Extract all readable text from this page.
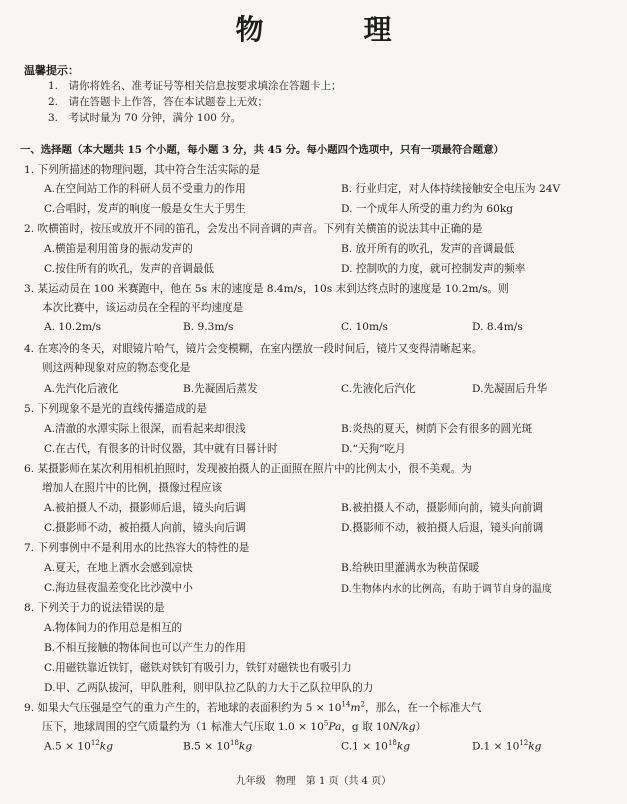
物　理
温馨提示：
1.　请你将姓名、准考证号等相关信息按要求填涂在答题卡上；
2.　请在答题卡上作答，答在本试题卷上无效；
3.　考试时量为 70 分钟，满分 100 分。
一、选择题（本大题共 15 个小题，每小题 3 分，共 45 分。每小题四个选项中，只有一项最符合题意）
1. 下列所描述的物理问题，其中符合生活实际的是
A.在空间站工作的科研人员不受重力的作用	B. 行业归定，对人体持续接触安全电压为 24V
C.合唱时，发声的响度一般是女生大于男生	D. 一个成年人所受的重力约为 60kg
2. 吹横笛时，按压或放开不同的笛孔，会发出不同音调的声音。下列有关横笛的说法其中正确的是
A.横笛是利用笛身的振动发声的	B. 放开所有的吹孔，发声的音调最低
C.按住所有的吹孔，发声的音调最低	D. 控制吹的力度，就可控制发声的频率
3. 某运动员在 100 米赛跑中，他在 5s 末的速度是 8.4m/s，10s 末到达终点时的速度是 10.2m/s。则
本次比赛中，该运动员在全程的平均速度是
A. 10.2m/s	B. 9.3m/s	C. 10m/s	D. 8.4m/s
4. 在寒冷的冬天，对眼镜片哈气，镜片会变模糊，在室内摆放一段时间后，镜片又变得清晰起来。
则这两种现象对应的物态变化是
A.先汽化后液化	B.先凝固后蒸发	C.先液化后汽化	D.先凝固后升华
5. 下列现象不是光的直线传播造成的是
A.清澈的水潭实际上很深，而看起来却很浅	B.炎热的夏天，树荫下会有很多的圆光斑
C.在古代，有很多的计时仪器，其中就有日晷计时	D.“天狗”吃月
6. 某摄影师在某次利用相机拍照时，发现被拍摄人的正面照在照片中的比例太小，很不美观。为
增加人在照片中的比例，摄像过程应该
A.被拍摄人不动，摄影师后退，镜头向后调	B.被拍摄人不动，摄影师向前，镜头向前调
C.摄影师不动，被拍摄人向前，镜头向后调	D.摄影师不动，被拍摄人后退，镜头向前调
7. 下列事例中不是利用水的比热容大的特性的是
A.夏天，在地上洒水会感到凉快	B.给秧田里灌满水为秧苗保暖
C.海边昼夜温差变化比沙漠中小	D.生物体内水的比例高，有助于调节自身的温度
8. 下列关于力的说法错误的是
A.物体间力的作用总是相互的
B.不相互接触的物体间也可以产生力的作用
C.用磁铁靠近铁钉，磁铁对铁钉有吸引力，铁钉对磁铁也有吸引力
D.甲、乙两队拔河，甲队胜利，则甲队拉乙队的力大于乙队拉甲队的力
9. 如果大气压强是空气的重力产生的，若地球的表面积约为 $5 \times 10^{14}m^2$，那么，在一个标准大气
压下，地球周围的空气质量约为（1 标准大气压取 $1.0 \times 10^5Pa$，g 取 10N/kg）
$A.5 \times 10^{12}kg$	$B.5 \times 10^{18}kg$	$C.1 \times 10^{18}kg$	$D.1 \times 10^{12}kg$
九年级　物理　第 1 页（共 4 页）
